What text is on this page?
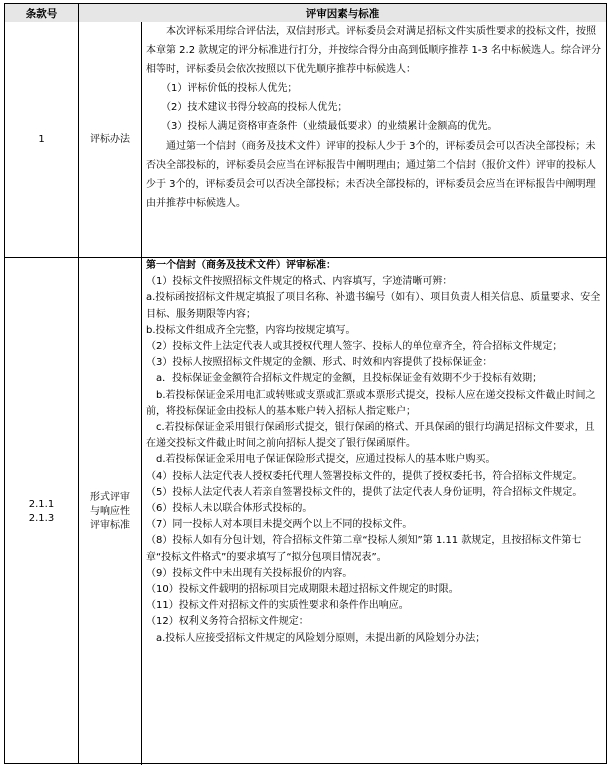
条款号	评审因素与标准
1	评标办法

本次评标采用综合评估法，双信封形式。评标委员会对满足招标文件实质性要求的投标文件，按照本章第 2.2 款规定的评分标准进行打分，并按综合得分由高到低顺序推荐 1-3 名中标候选人。综合评分相等时，评标委员会依次按照以下优先顺序推荐中标候选人：

（1）评标价低的投标人优先；

（2）技术建议书得分较高的投标人优先；

（3）投标人满足资格审查条件（业绩最低要求）的业绩累计金额高的优先。

通过第一个信封（商务及技术文件）评审的投标人少于 3个的，评标委员会可以否决全部投标；未否决全部投标的，评标委员会应当在评标报告中阐明理由；通过第二个信封（报价文件）评审的投标人少于 3个的，评标委员会可以否决全部投标；未否决全部投标的，评标委员会应当在评标报告中阐明理由并推荐中标候选人。

2.1.1
2.1.3
形式评审
与响应性
评审标准

第一个信封（商务及技术文件）评审标准：

（1）投标文件按照招标文件规定的格式、内容填写，字迹清晰可辨：

a.投标函按招标文件规定填报了项目名称、补遗书编号（如有）、项目负责人相关信息、质量要求、安全目标、服务期限等内容；

b.投标文件组成齐全完整，内容均按规定填写。

（2）投标文件上法定代表人或其授权代理人签字、投标人的单位章齐全，符合招标文件规定；

（3）投标人按照招标文件规定的金额、形式、时效和内容提供了投标保证金：

a．投标保证金金额符合招标文件规定的金额，且投标保证金有效期不少于投标有效期；

b.若投标保证金采用电汇或转账或支票或汇票或本票形式提交，投标人应在递交投标文件截止时间之前，将投标保证金由投标人的基本账户转入招标人指定账户；

c.若投标保证金采用银行保函形式提交，银行保函的格式、开具保函的银行均满足招标文件要求，且在递交投标文件截止时间之前向招标人提交了银行保函原件。

d.若投标保证金采用电子保证保险形式提交，应通过投标人的基本账户购买。

（4）投标人法定代表人授权委托代理人签署投标文件的，提供了授权委托书，符合招标文件规定。

（5）投标人法定代表人若亲自签署投标文件的，提供了法定代表人身份证明，符合招标文件规定。

（6）投标人未以联合体形式投标的。

（7）同一投标人对本项目未提交两个以上不同的投标文件。

（8）投标人如有分包计划，符合招标文件第二章“投标人须知”第 1.11 款规定，且按招标文件第七章“投标文件格式”的要求填写了“拟分包项目情况表”。

（9）投标文件中未出现有关投标报价的内容。

（10）投标文件载明的招标项目完成期限未超过招标文件规定的时限。

（11）投标文件对招标文件的实质性要求和条件作出响应。

（12）权利义务符合招标文件规定：

a.投标人应接受招标文件规定的风险划分原则，未提出新的风险划分办法；
